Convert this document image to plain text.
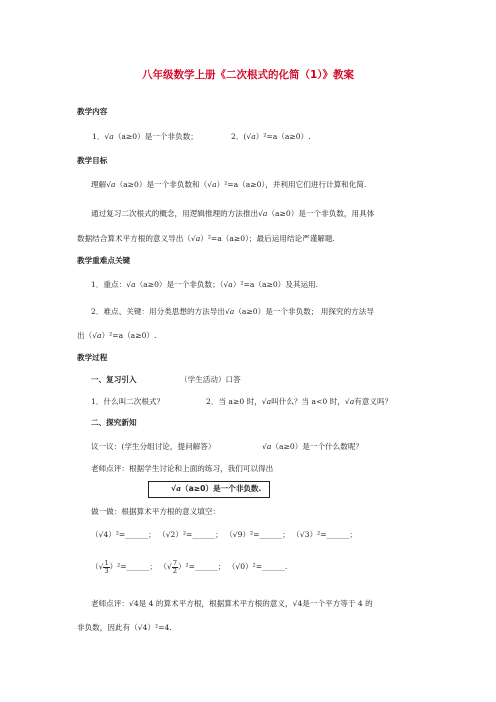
八年级数学上册《二次根式的化简（1）》教案
教学内容
1．√a（a≥0）是一个非负数；	2．(√a）²=a（a≥0）.
教学目标
理解√a（a≥0）是一个非负数和（√a）²=a（a≥0），并利用它们进行计算和化简.
通过复习二次根式的概念，用逻辑推理的方法推出√a（a≥0）是一个非负数，用具体
数据结合算术平方根的意义导出（√a）²=a（a≥0）；最后运用结论严谨解题.
教学重难点关键
1．重点：√a（a≥0）是一个非负数；（√a）²=a（a≥0）及其运用.
2．难点、关键：用分类思想的方法导出√a（a≥0）是一个非负数； 用探究的方法导
出（√a）²=a（a≥0）.
教学过程
一、复习引入	（学生活动）口答
1．什么叫二次根式？	2．当 a≥0 时，√a叫什么？当 a<0 时，√a有意义吗？
二、探究新知
议一议：(学生分组讨论，提问解答）	√a（a≥0）是一个什么数呢？
老师点评：根据学生讨论和上面的练习，我们可以得出
√a（a≥0）是一个非负数.
做一做：根据算术平方根的意义填空：
（√4）²=______； （√2）²=______； （√9）²=______； （√3）²=______；
（√ $\frac{1}{3}$ ）²=______； （√ $\frac{7}{2}$ ）²=______； （√0）²=______.
老师点评：√4是 4 的算术平方根，根据算术平方根的意义，√4是一个平方等于 4 的
非负数，因此有（√4）²=4.
